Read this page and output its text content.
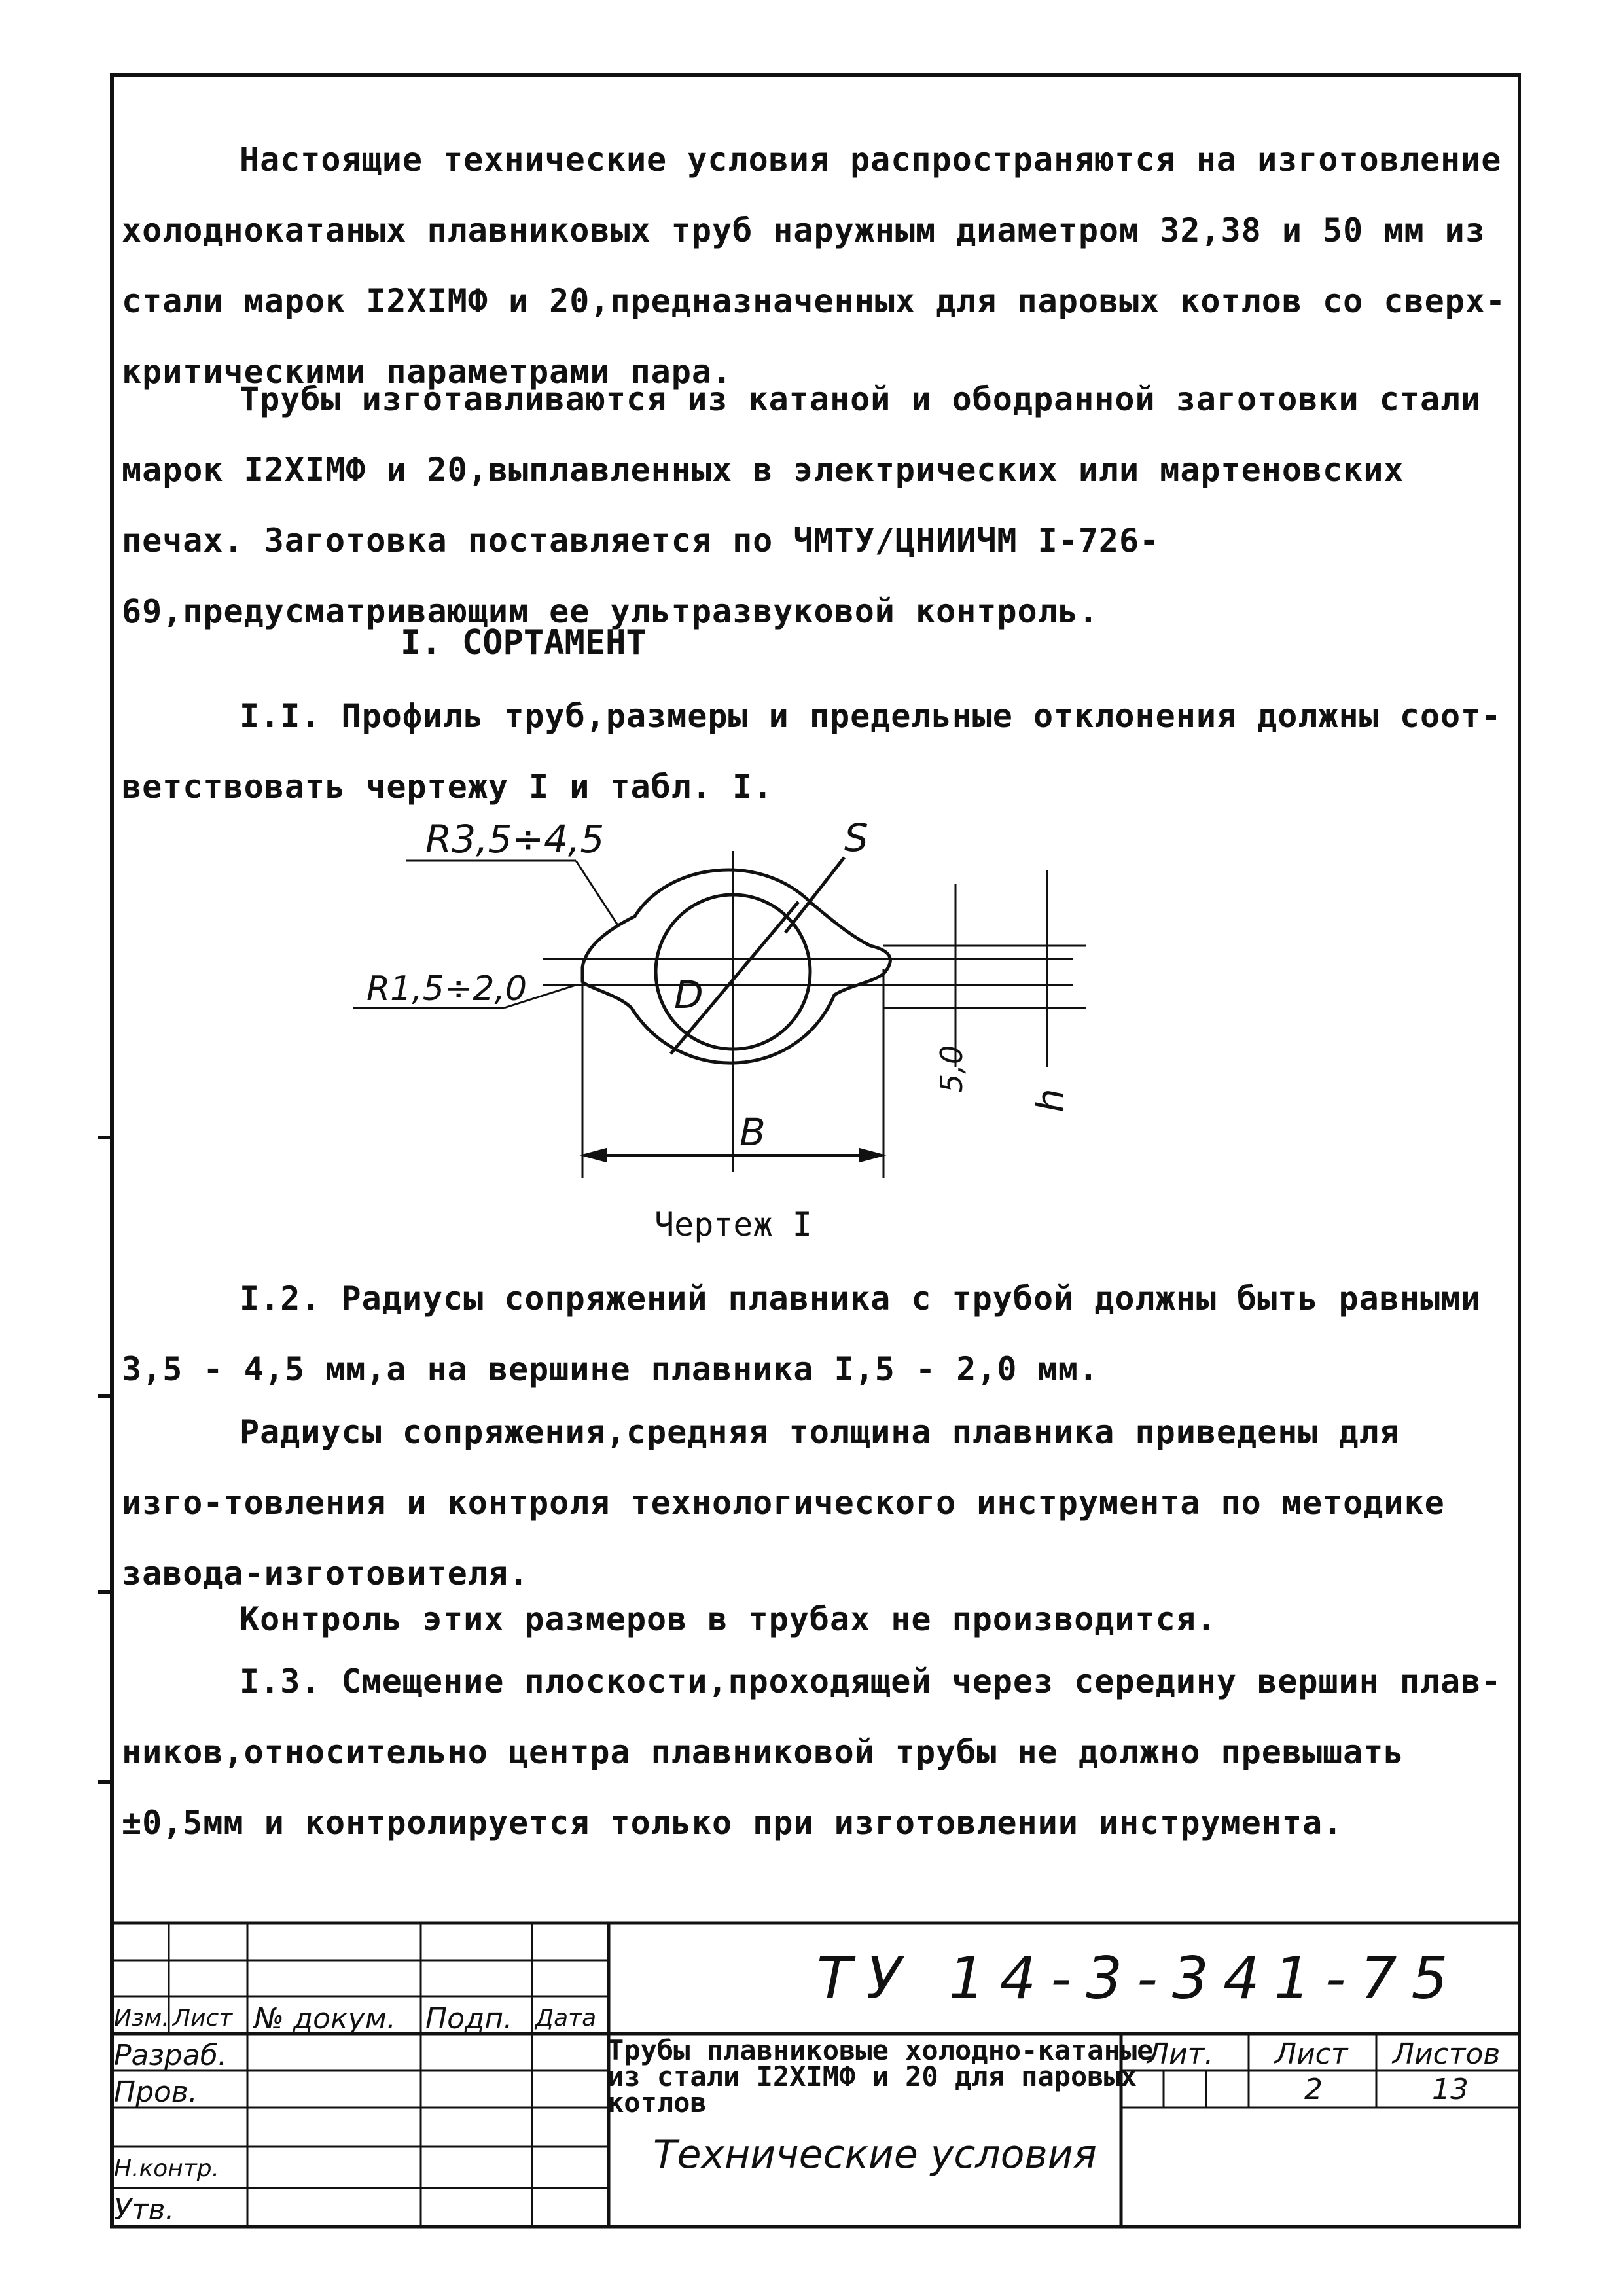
Настоящие технические условия распространяются на изготовление холоднокатаных плавниковых труб наружным диаметром 32,38 и 50 мм из стали марок I2XIМФ и 20,предназначенных для паровых котлов со сверх-критическими параметрами пара.

Трубы изготавливаются из катаной и ободранной заготовки стали марок I2XIМФ и 20,выплавленных в электрических или мартеновских печах. Заготовка поставляется по ЧМТУ/ЦНИИЧМ I-726-69,предусматривающим ее ультразвуковой контроль.

I. СОРТАМЕНТ

I.I. Профиль труб,размеры и предельные отклонения должны соот-ветствовать чертежу I и табл. I.

R3,5÷4,5
R1,5÷2,0
S
D
B
5,0
h

Чертеж I

I.2. Радиусы сопряжений плавника с трубой должны быть равными 3,5 - 4,5 мм,а на вершине плавника I,5 - 2,0 мм.

Радиусы сопряжения,средняя толщина плавника приведены для изго-товления и контроля технологического инструмента по методике завода-изготовителя.

Контроль этих размеров в трубах не производится.

I.3. Смещение плоскости,проходящей через середину вершин плав-ников,относительно центра плавниковой трубы не должно превышать ±0,5мм и контролируется только при изготовлении инструмента.

ТУ 14-3-341-75
Изм. Лист № докум. Подп. Дата
Разраб.
Пров.
Н.контр.
Утв.

Трубы плавниковые холодно-катаные из стали I2XIМФ и 20 для паровых котлов

Технические условия

Лит. Лист Листов
2	13
